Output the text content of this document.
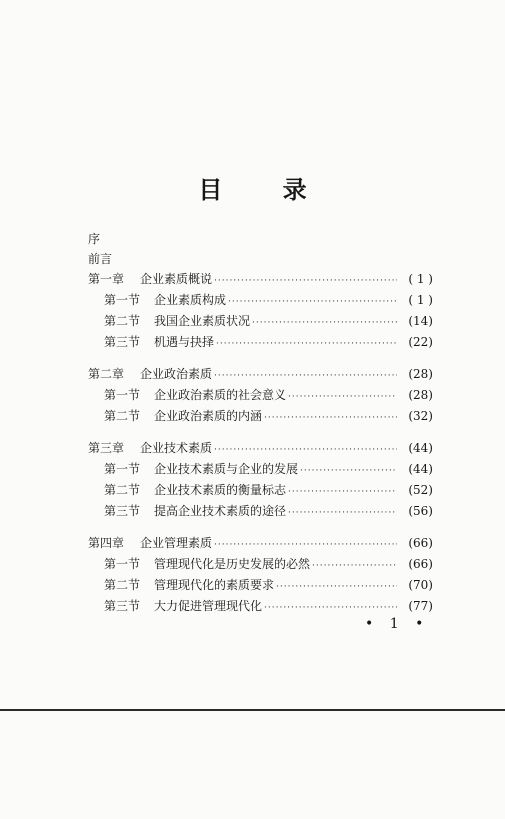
目 录
序
前言
第一章 企业素质概说 ·····	( 1 )
第一节 企业素质构成 ·····	( 1 )
第二节 我国企业素质状况 ·····	(14)
第三节 机遇与抉择 ·····	(22)
第二章 企业政治素质 ·····	(28)
第一节 企业政治素质的社会意义 ·····	(28)
第二节 企业政治素质的内涵 ·····	(32)
第三章 企业技术素质 ·····	(44)
第一节 企业技术素质与企业的发展 ·····	(44)
第二节 企业技术素质的衡量标志 ·····	(52)
第三节 提高企业技术素质的途径 ·····	(56)
第四章 企业管理素质 ·····	(66)
第一节 管理现代化是历史发展的必然 ·····	(66)
第二节 管理现代化的素质要求 ·····	(70)
第三节 大力促进管理现代化 ·····	(77)
• 1 •
